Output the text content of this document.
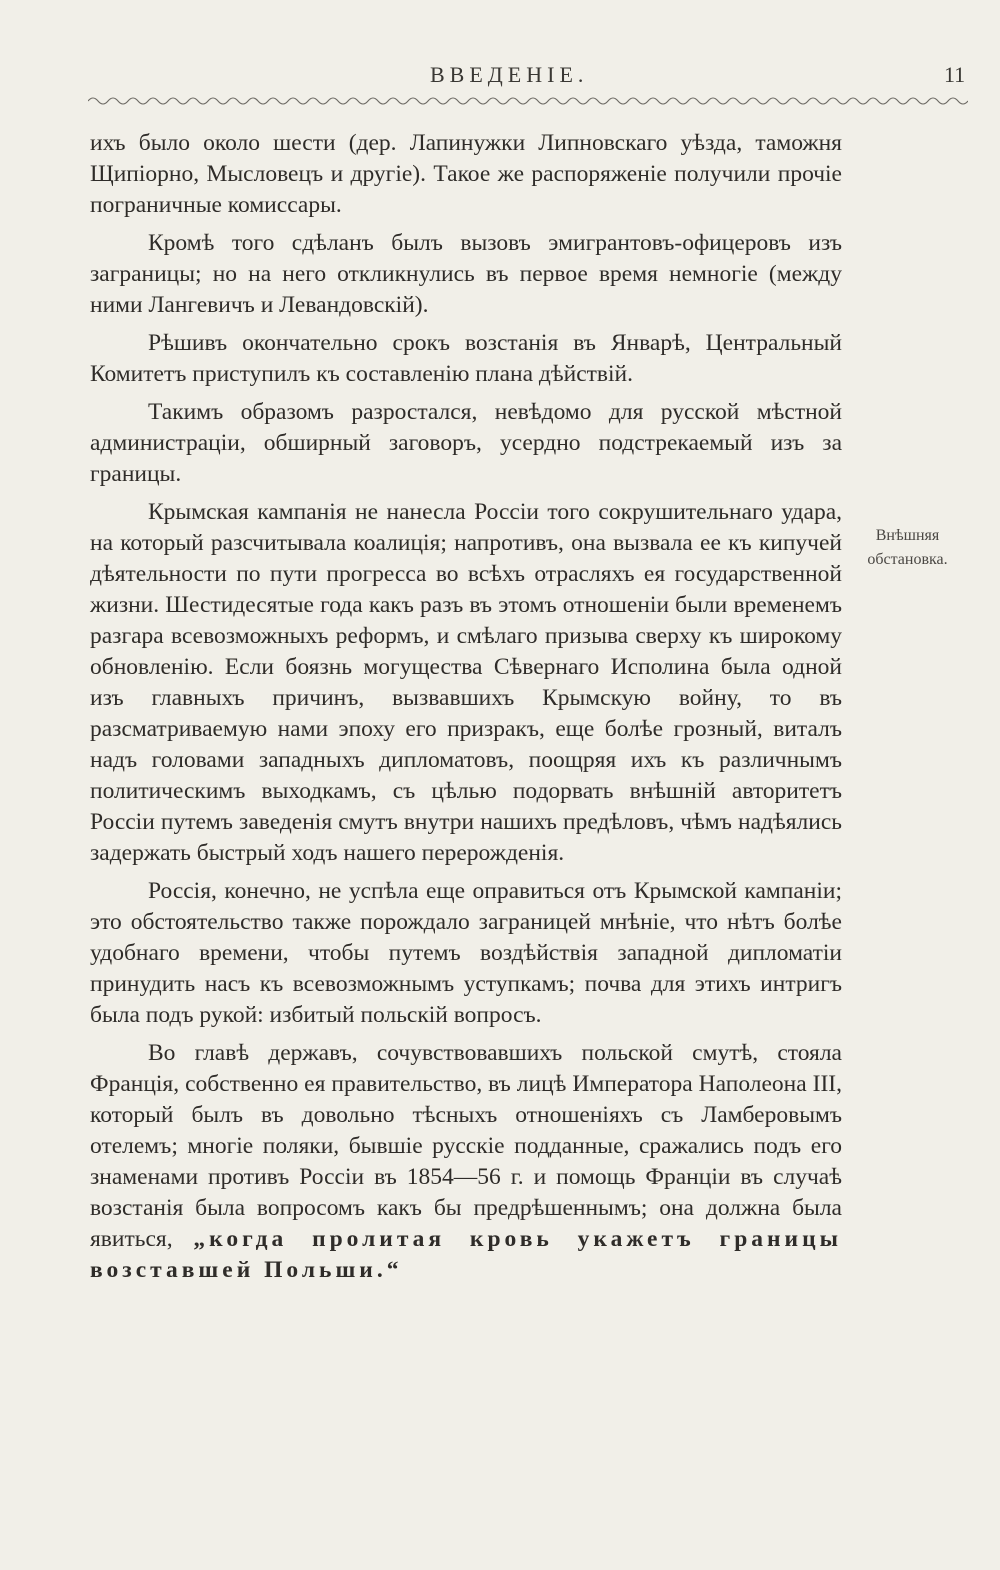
ВВЕДЕНІЕ.	11

ихъ было около шести (дер. Лапинужки Липновскаго уѣзда, таможня Щипіорно, Мысловецъ и другіе). Такое же распоряженіе получили прочіе пограничные комиссары.

Кромѣ того сдѣланъ былъ вызовъ эмигрантовъ-офицеровъ изъ заграницы; но на него откликнулись въ первое время немногіе (между ними Лангевичъ и Левандовскій).

Рѣшивъ окончательно срокъ возстанія въ Январѣ, Центральный Комитетъ приступилъ къ составленію плана дѣйствій.

Такимъ образомъ разростался, невѣдомо для русской мѣстной администраціи, обширный заговоръ, усердно подстрекаемый изъ за границы.

Крымская кампанія не нанесла Россіи того сокрушительнаго удара, на который разсчитывала коалиція; напротивъ, она вызвала ее къ кипучей дѣятельности по пути прогресса во всѣхъ отрасляхъ ея государственной жизни. Шестидесятые года какъ разъ въ этомъ отношеніи были временемъ разгара всевозможныхъ реформъ, и смѣлаго призыва сверху къ широкому обновленію. Если боязнь могущества Сѣвернаго Исполина была одной изъ главныхъ причинъ, вызвавшихъ Крымскую войну, то въ разсматриваемую нами эпоху его призракъ, еще болѣе грозный, виталъ надъ головами западныхъ дипломатовъ, поощряя ихъ къ различнымъ политическимъ выходкамъ, съ цѣлью подорвать внѣшній авторитетъ Россіи путемъ заведенія смутъ внутри нашихъ предѣловъ, чѣмъ надѣялись задержать быстрый ходъ нашего перерожденія.

Россія, конечно, не успѣла еще оправиться отъ Крымской кампаніи; это обстоятельство также порождало заграницей мнѣніе, что нѣтъ болѣе удобнаго времени, чтобы путемъ воздѣйствія западной дипломатіи принудить насъ къ всевозможнымъ уступкамъ; почва для этихъ интригъ была подъ рукой: избитый польскій вопросъ.

Во главѣ державъ, сочувствовавшихъ польской смутѣ, стояла Франція, собственно ея правительство, въ лицѣ Императора Наполеона III, который былъ въ довольно тѣсныхъ отношеніяхъ съ Ламберовымъ отелемъ; многіе поляки, бывшіе русскіе подданные, сражались подъ его знаменами противъ Россіи въ 1854—56 г. и помощь Франціи въ случаѣ возстанія была вопросомъ какъ бы предрѣшеннымъ; она должна была явиться, „когда пролитая кровь укажетъ границы возставшей Польши.“

Внѣшняя
обстановка.
